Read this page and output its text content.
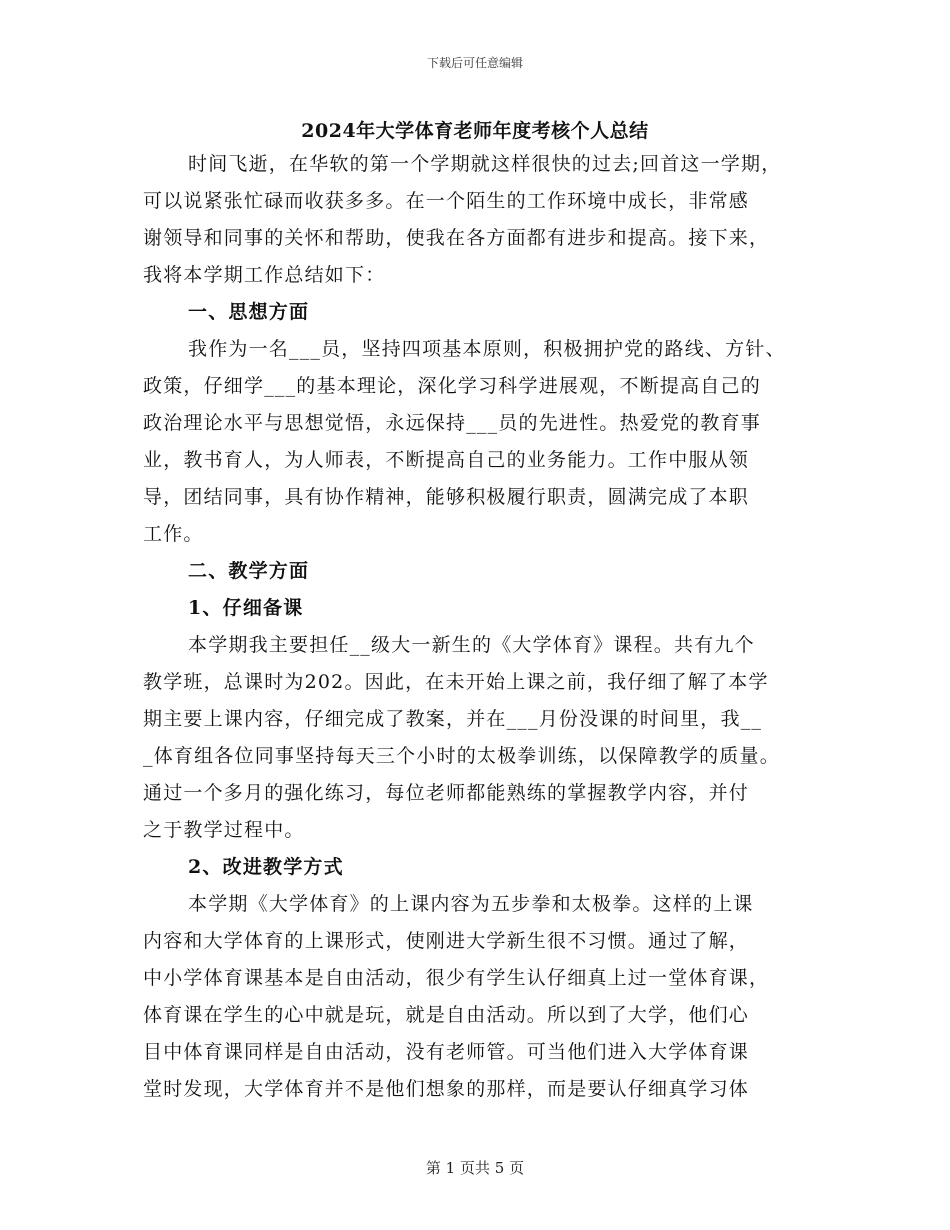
下载后可任意编辑
2024年大学体育老师年度考核个人总结
时间飞逝，在华软的第一个学期就这样很快的过去;回首这一学期，
可以说紧张忙碌而收获多多。在一个陌生的工作环境中成长，非常感
谢领导和同事的关怀和帮助，使我在各方面都有进步和提高。接下来，
我将本学期工作总结如下：
一、思想方面
我作为一名___员，坚持四项基本原则，积极拥护党的路线、方针、
政策，仔细学___的基本理论，深化学习科学进展观，不断提高自己的
政治理论水平与思想觉悟，永远保持___员的先进性。热爱党的教育事
业，教书育人，为人师表，不断提高自己的业务能力。工作中服从领
导，团结同事，具有协作精神，能够积极履行职责，圆满完成了本职
工作。
二、教学方面
1、仔细备课
本学期我主要担任__级大一新生的《大学体育》课程。共有九个
教学班，总课时为202。因此，在未开始上课之前，我仔细了解了本学
期主要上课内容，仔细完成了教案，并在___月份没课的时间里，我__
_体育组各位同事坚持每天三个小时的太极拳训练，以保障教学的质量。
通过一个多月的强化练习，每位老师都能熟练的掌握教学内容，并付
之于教学过程中。
2、改进教学方式
本学期《大学体育》的上课内容为五步拳和太极拳。这样的上课
内容和大学体育的上课形式，使刚进大学新生很不习惯。通过了解，
中小学体育课基本是自由活动，很少有学生认仔细真上过一堂体育课，
体育课在学生的心中就是玩，就是自由活动。所以到了大学，他们心
目中体育课同样是自由活动，没有老师管。可当他们进入大学体育课
堂时发现，大学体育并不是他们想象的那样，而是要认仔细真学习体
第 1 页共 5 页
